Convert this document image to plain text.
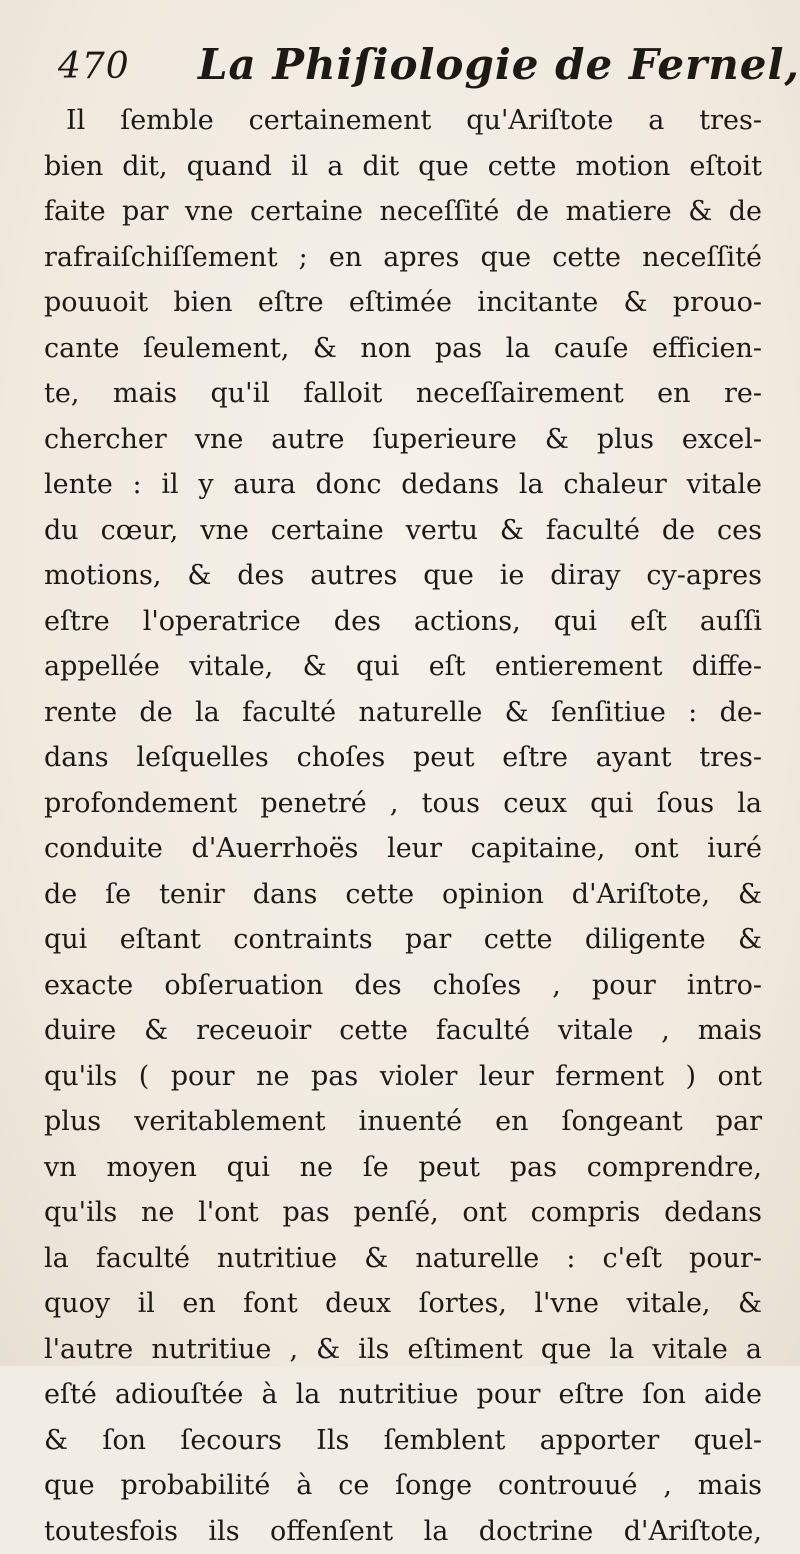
470 La Phiſiologie de Fernel,
Il ſemble certainement qu'Ariſtote a tres-
bien dit, quand il a dit que cette motion eſtoit
faite par vne certaine neceſſité de matiere & de
rafraiſchiſſement ; en apres que cette neceſſité
pouuoit bien eſtre eſtimée incitante & prouo-
cante ſeulement, & non pas la cauſe efficien-
te, mais qu'il falloit neceſſairement en re-
chercher vne autre ſuperieure & plus excel-
lente : il y aura donc dedans la chaleur vitale
du cœur, vne certaine vertu & faculté de ces
motions, & des autres que ie diray cy-apres
eſtre l'operatrice des actions, qui eſt auſſi
appellée vitale, & qui eſt entierement diffe-
rente de la faculté naturelle & ſenſitiue : de-
dans leſquelles choſes peut eſtre ayant tres-
profondement penetré , tous ceux qui ſous la
conduite d'Auerrhoës leur capitaine, ont iuré
de ſe tenir dans cette opinion d'Ariſtote, &
qui eſtant contraints par cette diligente &
exacte obſeruation des choſes , pour intro-
duire & receuoir cette faculté vitale , mais
qu'ils ( pour ne pas violer leur ferment ) ont
plus veritablement inuenté en ſongeant par
vn moyen qui ne ſe peut pas comprendre,
qu'ils ne l'ont pas penſé, ont compris dedans
la faculté nutritiue & naturelle : c'eſt pour-
quoy il en font deux ſortes, l'vne vitale, &
l'autre nutritiue , & ils eſtiment que la vitale a
eſté adiouſtée à la nutritiue pour eſtre ſon aide
& ſon ſecours Ils ſemblent apporter quel-
que probabilité à ce ſonge controuué , mais
toutesfois ils offenſent la doctrine d'Ariſtote,
